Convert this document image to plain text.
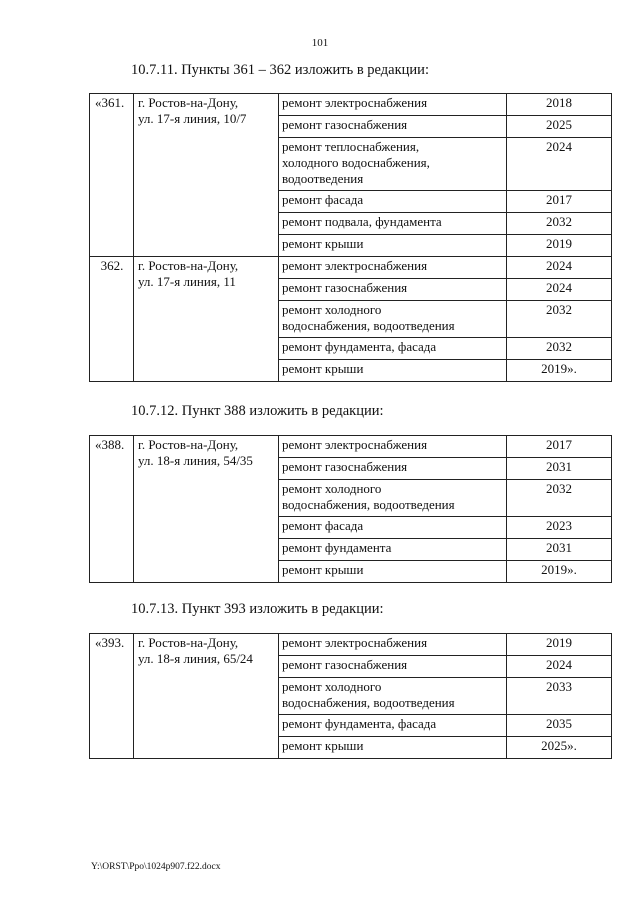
101
10.7.11. Пункты 361 – 362 изложить в редакции:
«361.	г. Ростов-на-Дону,
ул. 17-я линия, 10/7	ремонт электроснабжения	2018

		ремонт газоснабжения	2025

		ремонт теплоснабжения,
холодного водоснабжения,
водоотведения	2024

		ремонт фасада	2017

		ремонт подвала, фундамента	2032

		ремонт крыши	2019
362.	г. Ростов-на-Дону,
ул. 17-я линия, 11	ремонт электроснабжения	2024

		ремонт газоснабжения	2024

		ремонт холодного
водоснабжения, водоотведения	2032

		ремонт фундамента, фасада	2032

		ремонт крыши	2019».
10.7.12. Пункт 388 изложить в редакции:
«388.	г. Ростов-на-Дону,
ул. 18-я линия, 54/35	ремонт электроснабжения	2017

		ремонт газоснабжения	2031

		ремонт холодного
водоснабжения, водоотведения	2032

		ремонт фасада	2023

		ремонт фундамента	2031

		ремонт крыши	2019».
10.7.13. Пункт 393 изложить в редакции:
«393.	г. Ростов-на-Дону,
ул. 18-я линия, 65/24	ремонт электроснабжения	2019

		ремонт газоснабжения	2024

		ремонт холодного
водоснабжения, водоотведения	2033

		ремонт фундамента, фасада	2035

		ремонт крыши	2025».
Y:\ORST\Ppo\1024p907.f22.docx
